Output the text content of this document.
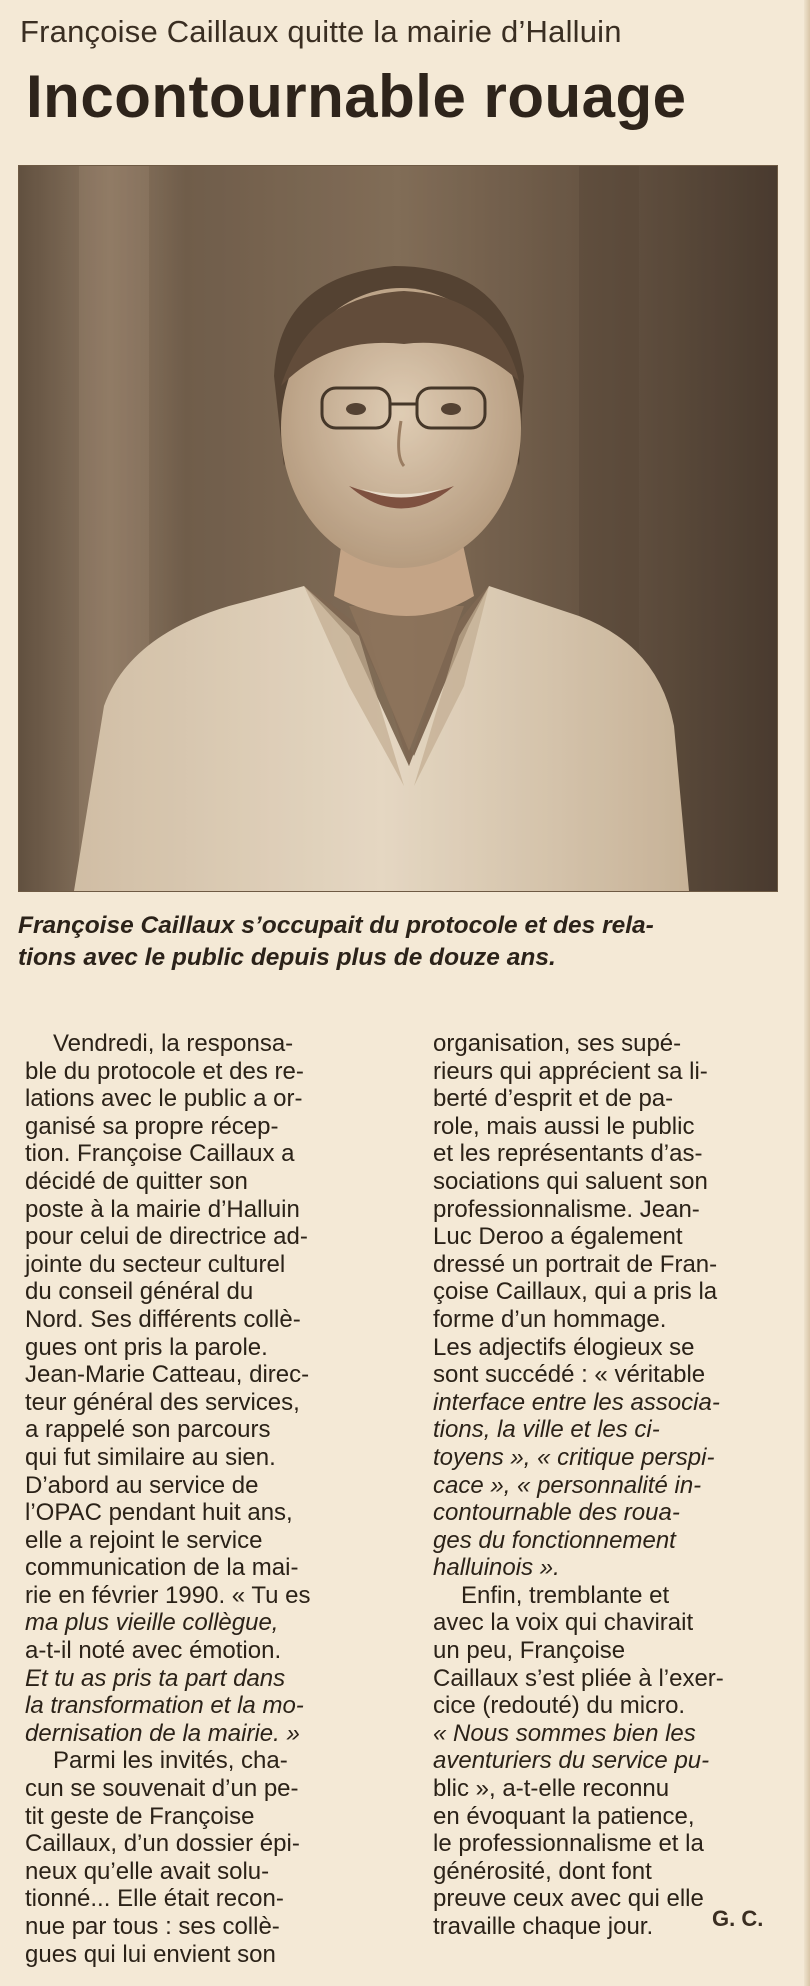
Françoise Caillaux quitte la mairie d’Halluin
Incontournable rouage
Françoise Caillaux s’occupait du protocole et des rela-
tions avec le public depuis plus de douze ans.
Vendredi, la responsa-
ble du protocole et des re-
lations avec le public a or-
ganisé sa propre récep-
tion. Françoise Caillaux a
décidé de quitter son
poste à la mairie d’Halluin
pour celui de directrice ad-
jointe du secteur culturel
du conseil général du
Nord. Ses différents collè-
gues ont pris la parole.
Jean-Marie Catteau, direc-
teur général des services,
a rappelé son parcours
qui fut similaire au sien.
D’abord au service de
l’OPAC pendant huit ans,
elle a rejoint le service
communication de la mai-
rie en février 1990. « Tu es
ma plus vieille collègue,
a-t-il noté avec émotion.
Et tu as pris ta part dans
la transformation et la mo-
dernisation de la mairie. »
Parmi les invités, cha-
cun se souvenait d’un pe-
tit geste de Françoise
Caillaux, d’un dossier épi-
neux qu’elle avait solu-
tionné... Elle était recon-
nue par tous : ses collè-
gues qui lui envient son
organisation, ses supé-
rieurs qui apprécient sa li-
berté d’esprit et de pa-
role, mais aussi le public
et les représentants d’as-
sociations qui saluent son
professionnalisme. Jean-
Luc Deroo a également
dressé un portrait de Fran-
çoise Caillaux, qui a pris la
forme d’un hommage.
Les adjectifs élogieux se
sont succédé : « véritable
interface entre les associa-
tions, la ville et les ci-
toyens », « critique perspi-
cace », « personnalité in-
contournable des roua-
ges du fonctionnement
halluinois ».
Enfin, tremblante et
avec la voix qui chavirait
un peu, Françoise
Caillaux s’est pliée à l’exer-
cice (redouté) du micro.
« Nous sommes bien les
aventuriers du service pu-
blic », a-t-elle reconnu
en évoquant la patience,
le professionnalisme et la
générosité, dont font
preuve ceux avec qui elle
travaille chaque jour.	G. C.
